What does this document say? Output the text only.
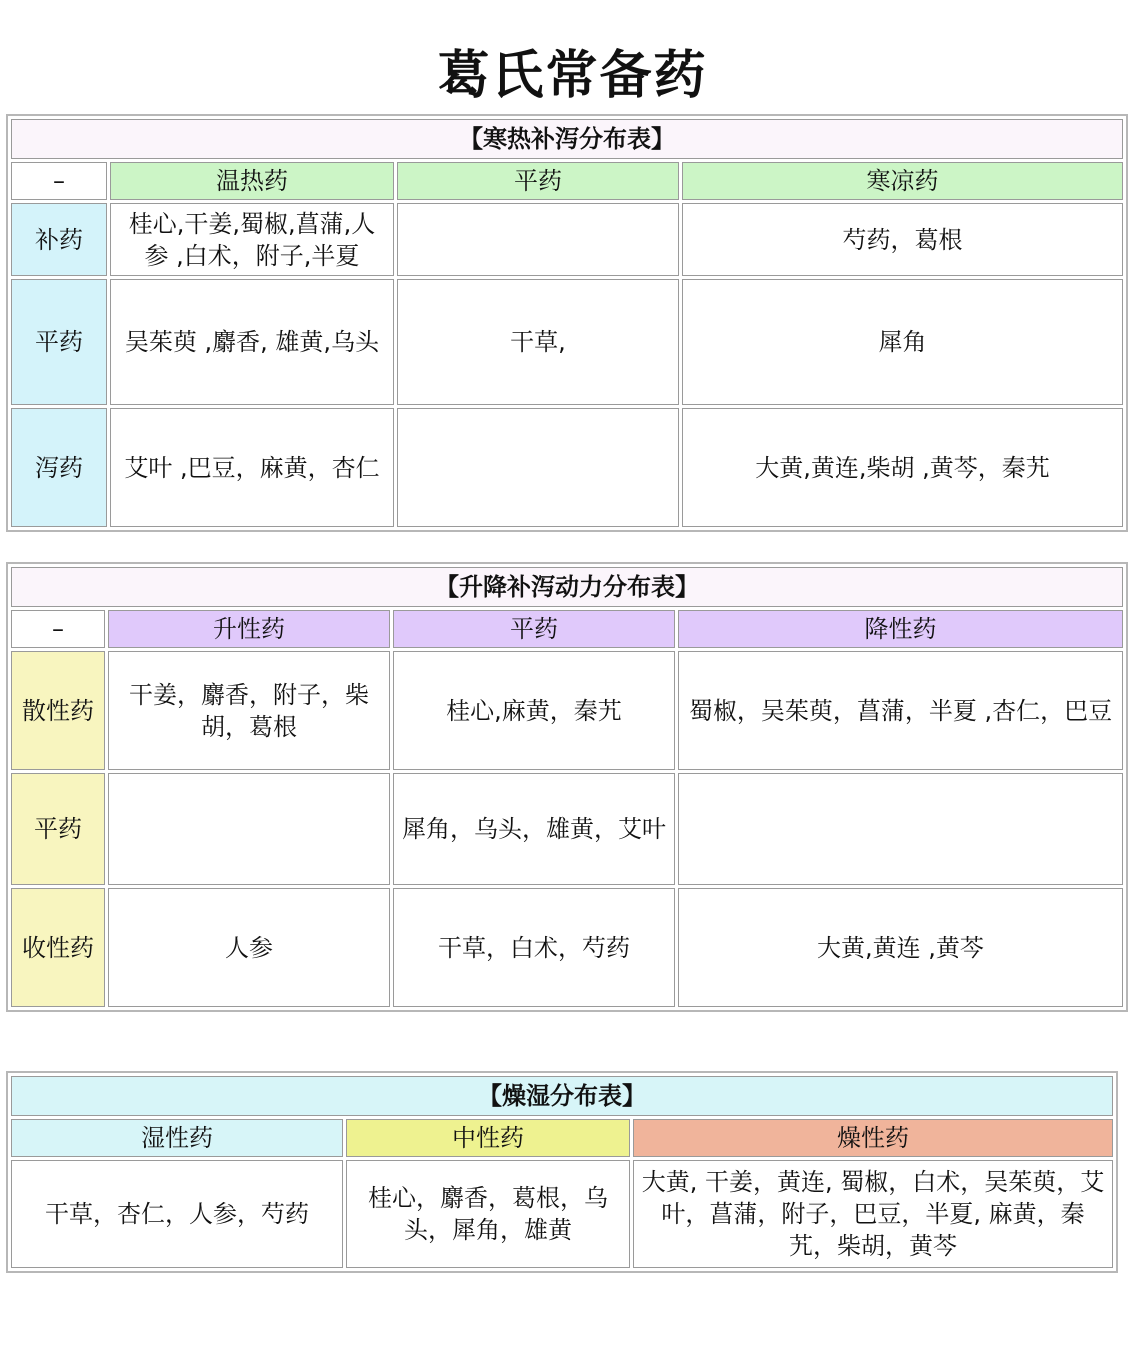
葛氏常备药
【寒热补泻分布表】			
–	温热药	平药	寒凉药
补药	桂心,干姜,蜀椒,菖蒲,人参 ,白术，附子,半夏		芍药，葛根
平药	吴茱萸 ,麝香, 雄黄,乌头	干草,	犀角
泻药	艾叶 ,巴豆，麻黄，杏仁		大黄,黄连,柴胡 ,黄芩，秦艽
【升降补泻动力分布表】			
–	升性药	平药	降性药
散性药	干姜，麝香，附子，柴胡，葛根	桂心,麻黄，秦艽	蜀椒，吴茱萸，菖蒲，半夏 ,杏仁，巴豆
平药		犀角，乌头，雄黄，艾叶	
收性药	人参	干草，白术，芍药	大黄,黄连 ,黄芩
【燥湿分布表】		
湿性药	中性药	燥性药
干草，杏仁，人参，芍药	桂心，麝香，葛根，乌头，犀角，雄黄	大黄, 干姜，黄连, 蜀椒，白术，吴茱萸，艾叶，菖蒲，附子，巴豆，半夏, 麻黄，秦艽，柴胡，黄芩
